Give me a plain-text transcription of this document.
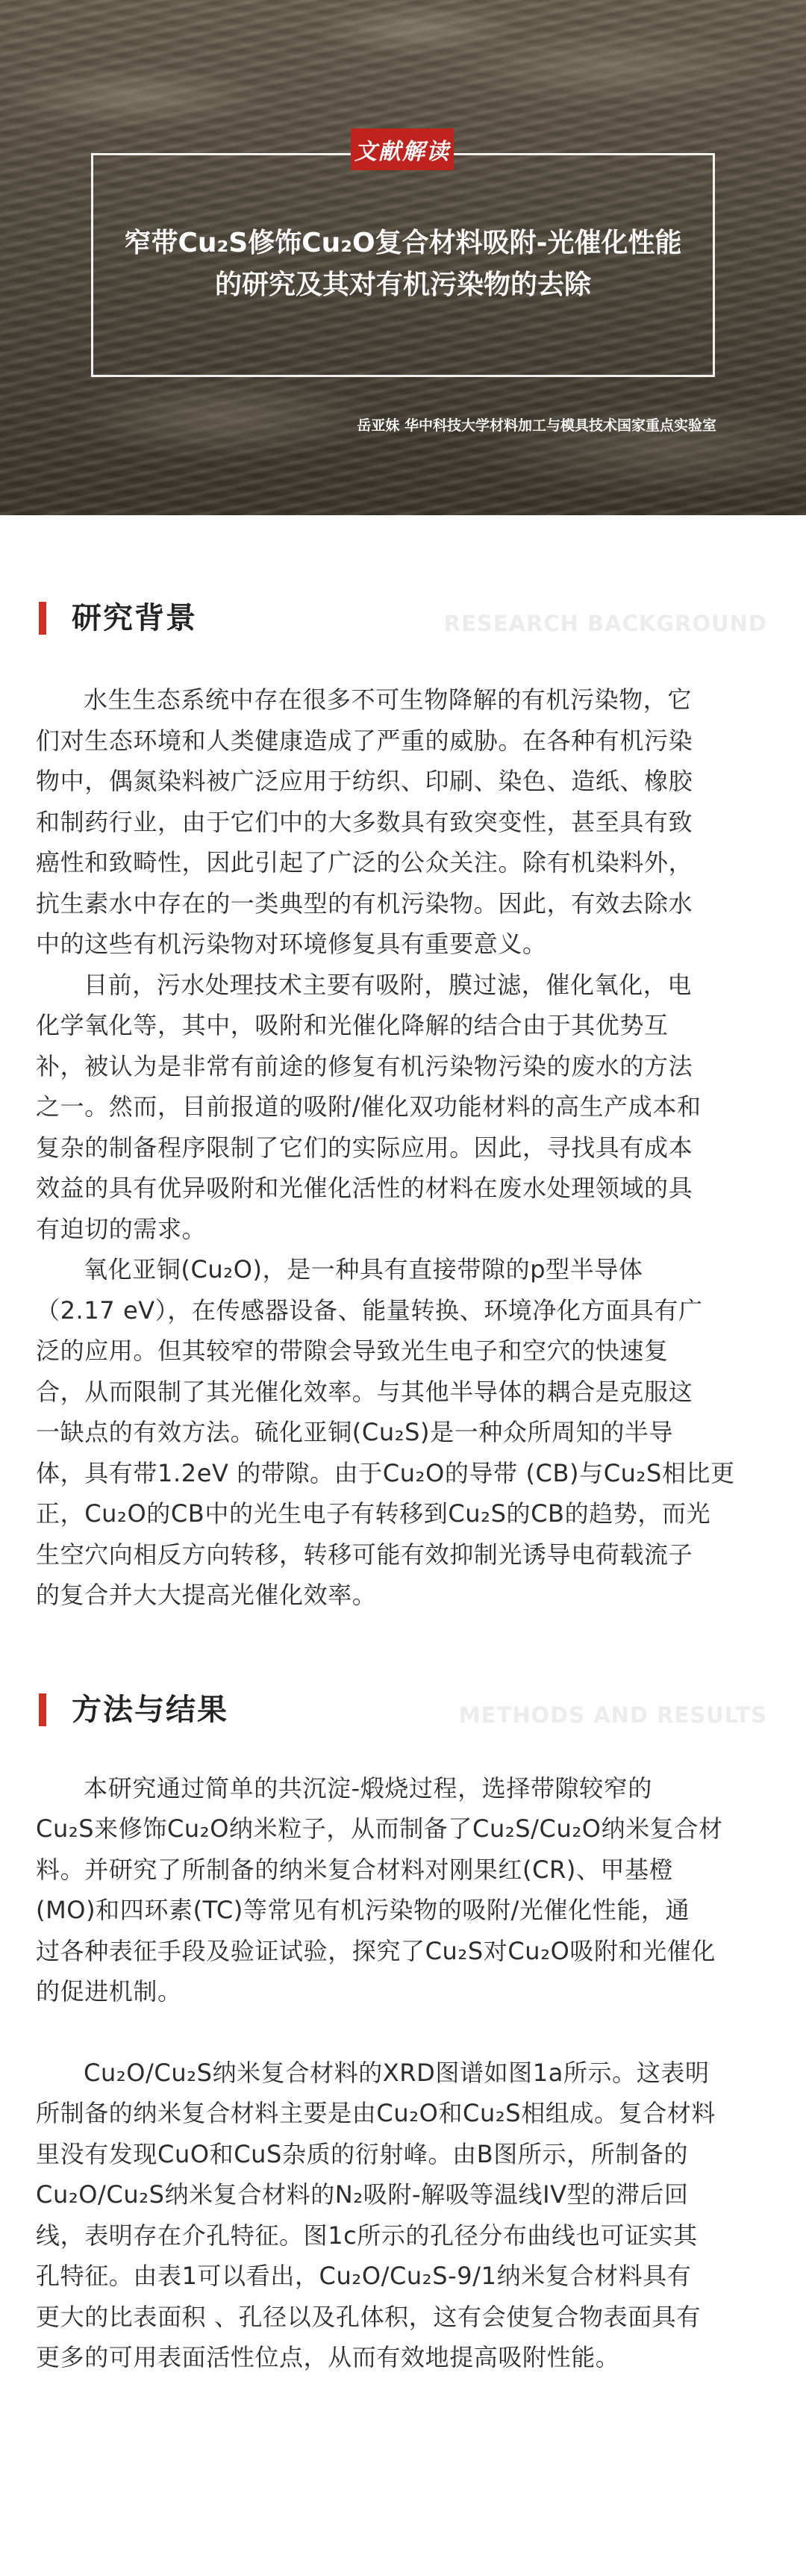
文献解读
窄带Cu₂S修饰Cu₂O复合材料吸附-光催化性能
的研究及其对有机污染物的去除
岳亚妹 华中科技大学材料加工与模具技术国家重点实验室
研究背景	RESEARCH BACKGROUND

水生生态系统中存在很多不可生物降解的有机污染物，它
们对生态环境和人类健康造成了严重的威胁。在各种有机污染
物中，偶氮染料被广泛应用于纺织、印刷、染色、造纸、橡胶
和制药行业，由于它们中的大多数具有致突变性，甚至具有致
癌性和致畸性，因此引起了广泛的公众关注。除有机染料外，
抗生素水中存在的一类典型的有机污染物。因此，有效去除水
中的这些有机污染物对环境修复具有重要意义。

目前，污水处理技术主要有吸附，膜过滤，催化氧化，电
化学氧化等，其中，吸附和光催化降解的结合由于其优势互
补，被认为是非常有前途的修复有机污染物污染的废水的方法
之一。然而，目前报道的吸附/催化双功能材料的高生产成本和
复杂的制备程序限制了它们的实际应用。因此，寻找具有成本
效益的具有优异吸附和光催化活性的材料在废水处理领域的具
有迫切的需求。

氧化亚铜(Cu₂O)，是一种具有直接带隙的p型半导体
（2.17 eV），在传感器设备、能量转换、环境净化方面具有广
泛的应用。但其较窄的带隙会导致光生电子和空穴的快速复
合，从而限制了其光催化效率。与其他半导体的耦合是克服这
一缺点的有效方法。硫化亚铜(Cu₂S)是一种众所周知的半导
体，具有带1.2eV 的带隙。由于Cu₂O的导带 (CB)与Cu₂S相比更
正，Cu₂O的CB中的光生电子有转移到Cu₂S的CB的趋势，而光
生空穴向相反方向转移，转移可能有效抑制光诱导电荷载流子
的复合并大大提高光催化效率。

方法与结果	METHODS AND RESULTS

本研究通过简单的共沉淀-煅烧过程，选择带隙较窄的
Cu₂S来修饰Cu₂O纳米粒子，从而制备了Cu₂S/Cu₂O纳米复合材
料。并研究了所制备的纳米复合材料对刚果红(CR)、甲基橙
(MO)和四环素(TC)等常见有机污染物的吸附/光催化性能，通
过各种表征手段及验证试验，探究了Cu₂S对Cu₂O吸附和光催化
的促进机制。

Cu₂O/Cu₂S纳米复合材料的XRD图谱如图1a所示。这表明
所制备的纳米复合材料主要是由Cu₂O和Cu₂S相组成。复合材料
里没有发现CuO和CuS杂质的衍射峰。由B图所示，所制备的
Cu₂O/Cu₂S纳米复合材料的N₂吸附-解吸等温线IV型的滞后回
线，表明存在介孔特征。图1c所示的孔径分布曲线也可证实其
孔特征。由表1可以看出，Cu₂O/Cu₂S-9/1纳米复合材料具有
更大的比表面积 、孔径以及孔体积，这有会使复合物表面具有
更多的可用表面活性位点，从而有效地提高吸附性能。
